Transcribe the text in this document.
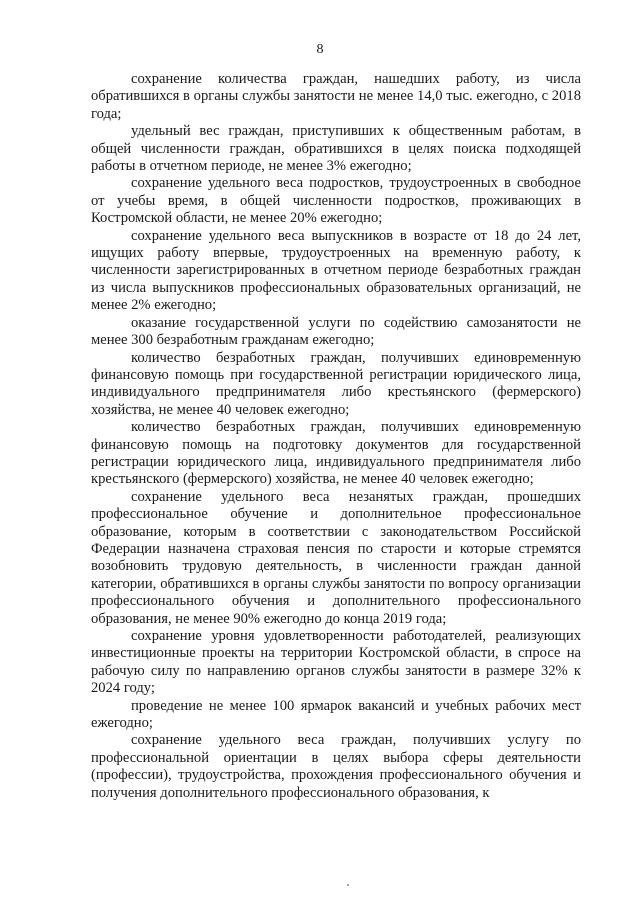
8

сохранение количества граждан, нашедших работу, из числа обратившихся в органы службы занятости не менее 14,0 тыс. ежегодно, с 2018 года;

удельный вес граждан, приступивших к общественным работам, в общей численности граждан, обратившихся в целях поиска подходящей работы в отчетном периоде, не менее 3% ежегодно;

сохранение удельного веса подростков, трудоустроенных в свободное от учебы время, в общей численности подростков, проживающих в Костромской области, не менее 20% ежегодно;

сохранение удельного веса выпускников в возрасте от 18 до 24 лет, ищущих работу впервые, трудоустроенных на временную работу, к численности зарегистрированных в отчетном периоде безработных граждан из числа выпускников профессиональных образовательных организаций, не менее 2% ежегодно;

оказание государственной услуги по содействию самозанятости не менее 300 безработным гражданам ежегодно;

количество безработных граждан, получивших единовременную финансовую помощь при государственной регистрации юридического лица, индивидуального предпринимателя либо крестьянского (фермерского) хозяйства, не менее 40 человек ежегодно;

количество безработных граждан, получивших единовременную финансовую помощь на подготовку документов для государственной регистрации юридического лица, индивидуального предпринимателя либо крестьянского (фермерского) хозяйства, не менее 40 человек ежегодно;

сохранение удельного веса незанятых граждан, прошедших профессиональное обучение и дополнительное профессиональное образование, которым в соответствии с законодательством Российской Федерации назначена страховая пенсия по старости и которые стремятся возобновить трудовую деятельность, в численности граждан данной категории, обратившихся в органы службы занятости по вопросу организации профессионального обучения и дополнительного профессионального образования, не менее 90% ежегодно до конца 2019 года;

сохранение уровня удовлетворенности работодателей, реализующих инвестиционные проекты на территории Костромской области, в спросе на рабочую силу по направлению органов службы занятости в размере 32% к 2024 году;

проведение не менее 100 ярмарок вакансий и учебных рабочих мест ежегодно;

сохранение удельного веса граждан, получивших услугу по профессиональной ориентации в целях выбора сферы деятельности (профессии), трудоустройства, прохождения профессионального обучения и получения дополнительного профессионального образования, к
